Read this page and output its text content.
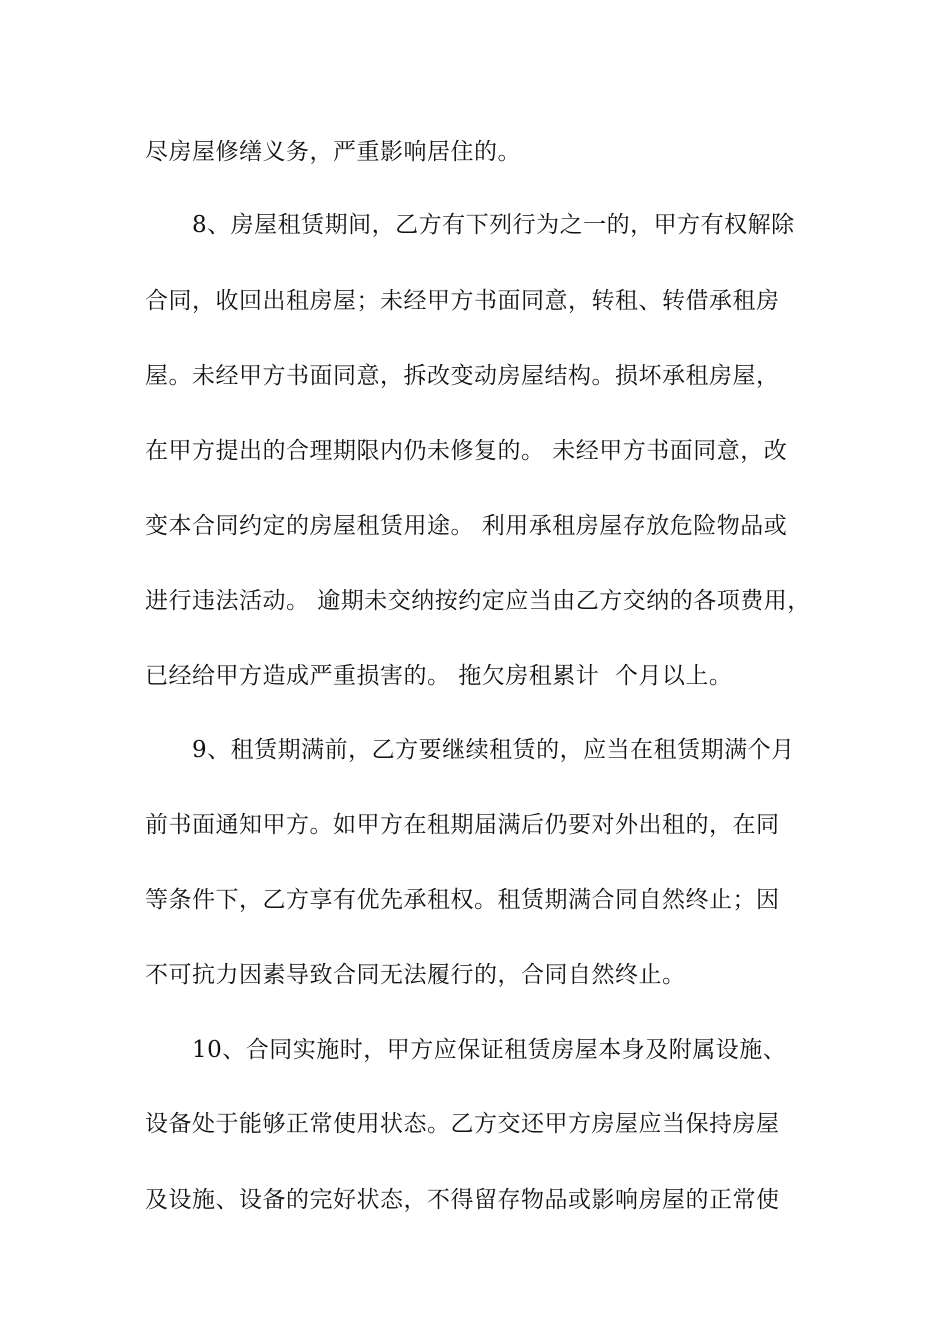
尽房屋修缮义务，严重影响居住的。
8、房屋租赁期间，乙方有下列行为之一的，甲方有权解除
合同，收回出租房屋；未经甲方书面同意，转租、转借承租房
屋。未经甲方书面同意，拆改变动房屋结构。损坏承租房屋，
在甲方提出的合理期限内仍未修复的。 未经甲方书面同意，改
变本合同约定的房屋租赁用途。 利用承租房屋存放危险物品或
进行违法活动。 逾期未交纳按约定应当由乙方交纳的各项费用，
已经给甲方造成严重损害的。 拖欠房租累计  个月以上。
9、租赁期满前，乙方要继续租赁的，应当在租赁期满个月
前书面通知甲方。如甲方在租期届满后仍要对外出租的，在同
等条件下，乙方享有优先承租权。租赁期满合同自然终止；因
不可抗力因素导致合同无法履行的，合同自然终止。
10、合同实施时，甲方应保证租赁房屋本身及附属设施、
设备处于能够正常使用状态。乙方交还甲方房屋应当保持房屋
及设施、设备的完好状态，不得留存物品或影响房屋的正常使
